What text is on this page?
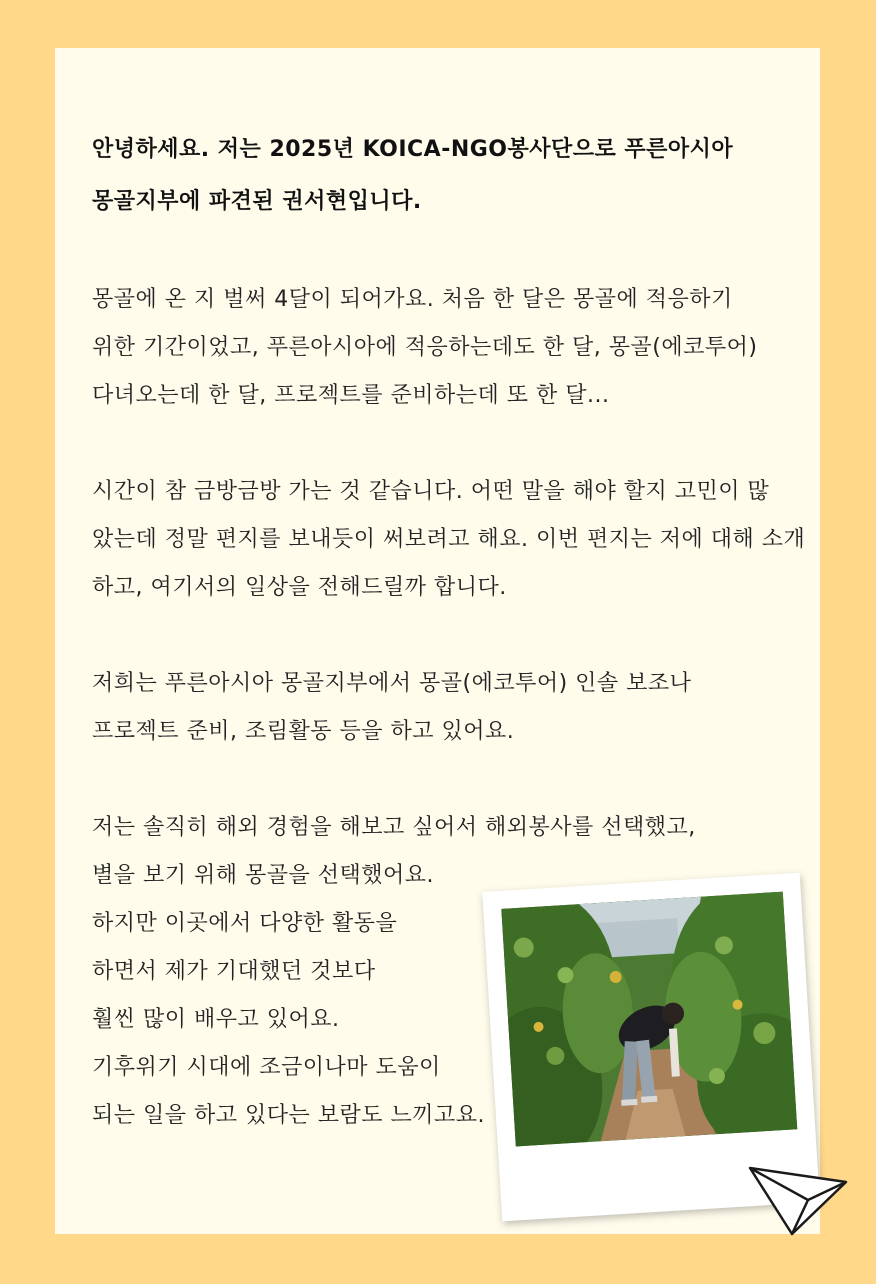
안녕하세요. 저는 2025년 KOICA-NGO봉사단으로 푸른아시아
몽골지부에 파견된 권서현입니다.
몽골에 온 지 벌써 4달이 되어가요. 처음 한 달은 몽골에 적응하기
위한 기간이었고, 푸른아시아에 적응하는데도 한 달, 몽골(에코투어)
다녀오는데 한 달, 프로젝트를 준비하는데 또 한 달...
시간이 참 금방금방 가는 것 같습니다. 어떤 말을 해야 할지 고민이 많
았는데 정말 편지를 보내듯이 써보려고 해요. 이번 편지는 저에 대해 소개
하고, 여기서의 일상을 전해드릴까 합니다.
저희는 푸른아시아 몽골지부에서 몽골(에코투어) 인솔 보조나
프로젝트 준비, 조림활동 등을 하고 있어요.
저는 솔직히 해외 경험을 해보고 싶어서 해외봉사를 선택했고,
별을 보기 위해 몽골을 선택했어요.
하지만 이곳에서 다양한 활동을
하면서 제가 기대했던 것보다
훨씬 많이 배우고 있어요.
기후위기 시대에 조금이나마 도움이
되는 일을 하고 있다는 보람도 느끼고요.
